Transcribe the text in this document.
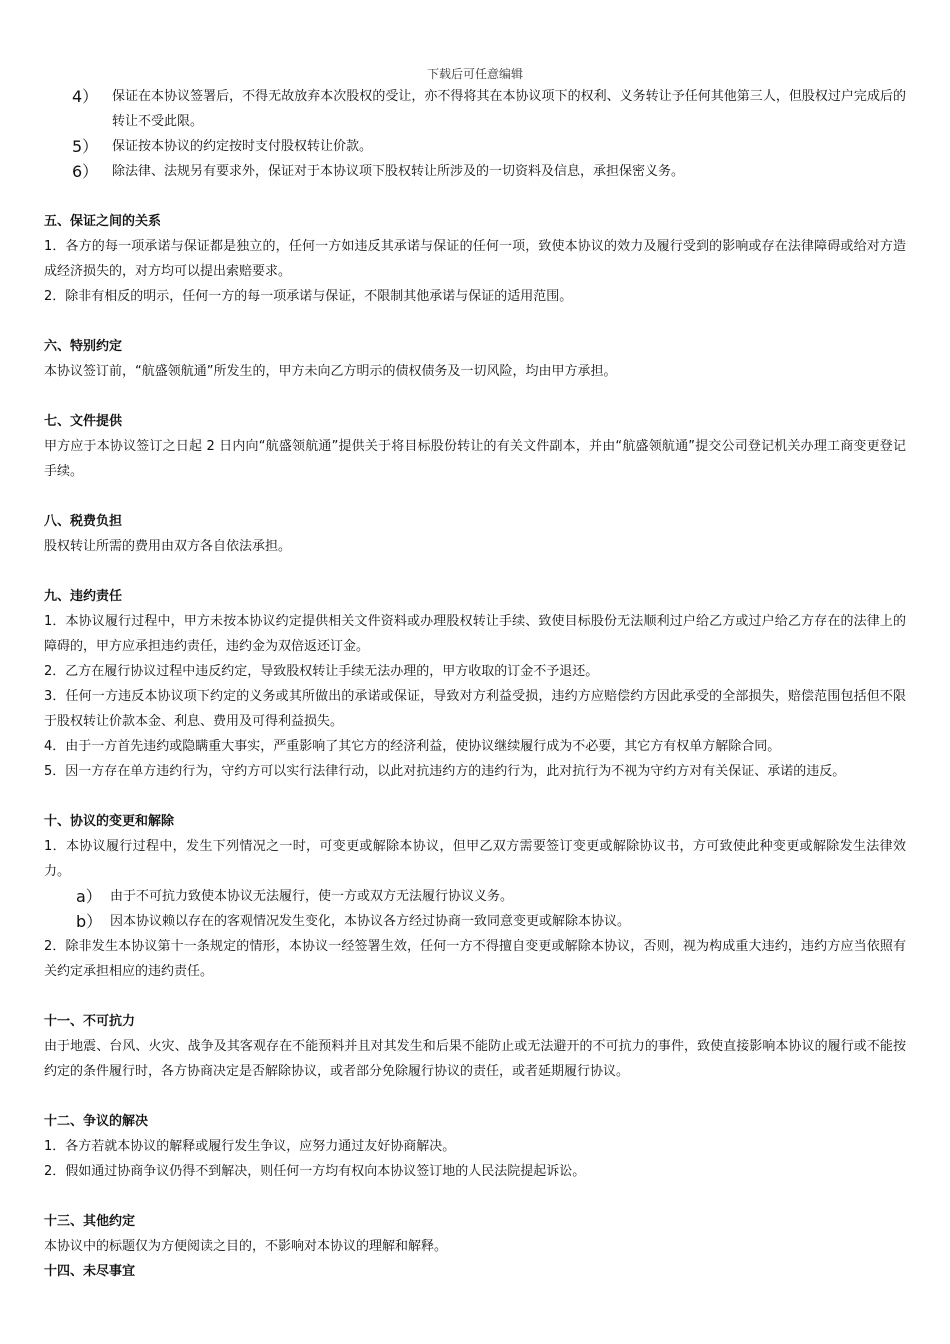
下载后可任意编辑
4）	保证在本协议签署后，不得无故放弃本次股权的受让，亦不得将其在本协议项下的权利、义务转让予任何其他第三人，但股权过户完成后的转让不受此限。

5）	保证按本协议的约定按时支付股权转让价款。

6）	除法律、法规另有要求外，保证对于本协议项下股权转让所涉及的一切资料及信息，承担保密义务。

五、保证之间的关系

1．各方的每一项承诺与保证都是独立的，任何一方如违反其承诺与保证的任何一项，致使本协议的效力及履行受到的影响或存在法律障碍或给对方造成经济损失的，对方均可以提出索赔要求。

2．除非有相反的明示，任何一方的每一项承诺与保证，不限制其他承诺与保证的适用范围。

六、特别约定

本协议签订前，“航盛领航通”所发生的，甲方未向乙方明示的债权债务及一切风险，均由甲方承担。

七、文件提供

甲方应于本协议签订之日起 2 日内向“航盛领航通”提供关于将目标股份转让的有关文件副本，并由“航盛领航通”提交公司登记机关办理工商变更登记手续。

八、税费负担

股权转让所需的费用由双方各自依法承担。

九、违约责任

1．本协议履行过程中，甲方未按本协议约定提供相关文件资料或办理股权转让手续、致使目标股份无法顺利过户给乙方或过户给乙方存在的法律上的障碍的，甲方应承担违约责任，违约金为双倍返还订金。

2．乙方在履行协议过程中违反约定，导致股权转让手续无法办理的，甲方收取的订金不予退还。

3．任何一方违反本协议项下约定的义务或其所做出的承诺或保证，导致对方利益受损，违约方应赔偿约方因此承受的全部损失，赔偿范围包括但不限于股权转让价款本金、利息、费用及可得利益损失。

4．由于一方首先违约或隐瞒重大事实，严重影响了其它方的经济利益，使协议继续履行成为不必要，其它方有权单方解除合同。

5．因一方存在单方违约行为，守约方可以实行法律行动，以此对抗违约方的违约行为，此对抗行为不视为守约方对有关保证、承诺的违反。

十、协议的变更和解除

1．本协议履行过程中，发生下列情况之一时，可变更或解除本协议，但甲乙双方需要签订变更或解除协议书，方可致使此种变更或解除发生法律效力。

a） 由于不可抗力致使本协议无法履行，使一方或双方无法履行协议义务。

b） 因本协议赖以存在的客观情况发生变化，本协议各方经过协商一致同意变更或解除本协议。

2．除非发生本协议第十一条规定的情形，本协议一经签署生效，任何一方不得擅自变更或解除本协议，否则，视为构成重大违约，违约方应当依照有关约定承担相应的违约责任。

十一、不可抗力

由于地震、台风、火灾、战争及其客观存在不能预料并且对其发生和后果不能防止或无法避开的不可抗力的事件，致使直接影响本协议的履行或不能按约定的条件履行时，各方协商决定是否解除协议，或者部分免除履行协议的责任，或者延期履行协议。

十二、争议的解决

1．各方若就本协议的解释或履行发生争议，应努力通过友好协商解决。

2．假如通过协商争议仍得不到解决，则任何一方均有权向本协议签订地的人民法院提起诉讼。

十三、其他约定

本协议中的标题仅为方便阅读之目的，不影响对本协议的理解和解释。

十四、未尽事宜
